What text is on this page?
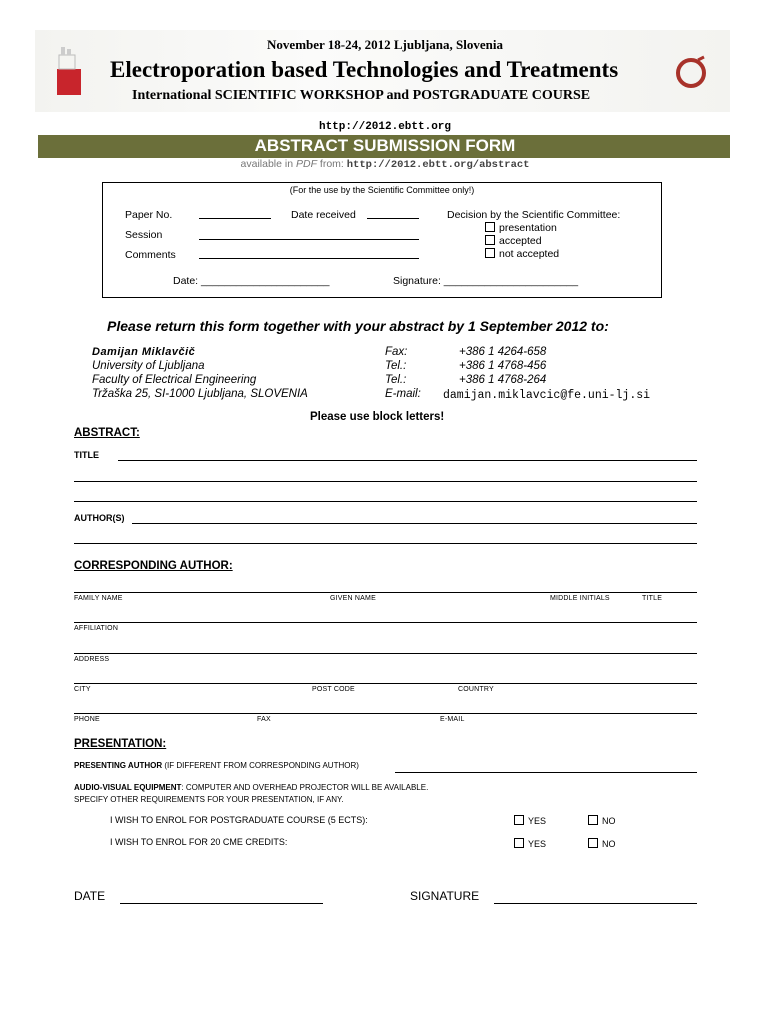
November 18-24, 2012 Ljubljana, Slovenia
Electroporation based Technologies and Treatments
International SCIENTIFIC WORKSHOP and POSTGRADUATE COURSE
http://2012.ebtt.org
ABSTRACT SUBMISSION FORM
available in PDF from: http://2012.ebtt.org/abstract
(For the use by the Scientific Committee only!)
Paper No.	Date received
Session
Comments
Decision by the Scientific Committee:
presentation
accepted
not accepted
Date: ______________________	Signature: _______________________
Please return this form together with your abstract by 1 September 2012 to:
Damijan Miklavčič
University of Ljubljana
Faculty of Electrical Engineering
Tržaška 25, SI-1000 Ljubljana, SLOVENIA
Fax:	+386 1 4264-658
Tel.:	+386 1 4768-456
Tel.:	+386 1 4768-264
E-mail: damijan.miklavcic@fe.uni-lj.si
Please use block letters!
ABSTRACT:
TITLE
AUTHOR(S)
CORRESPONDING AUTHOR:
FAMILY NAME	GIVEN NAME	MIDDLE INITIALS	TITLE
AFFILIATION
ADDRESS
CITY	POST CODE	COUNTRY
PHONE	FAX	E-MAIL
PRESENTATION:
PRESENTING AUTHOR (IF DIFFERENT FROM CORRESPONDING AUTHOR)
AUDIO-VISUAL EQUIPMENT: COMPUTER AND OVERHEAD PROJECTOR WILL BE AVAILABLE.
SPECIFY OTHER REQUIREMENTS FOR YOUR PRESENTATION, IF ANY.
I WISH TO ENROL FOR POSTGRADUATE COURSE (5 ECTS):	YES	NO
I WISH TO ENROL FOR 20 CME CREDITS:	YES	NO
DATE	SIGNATURE
